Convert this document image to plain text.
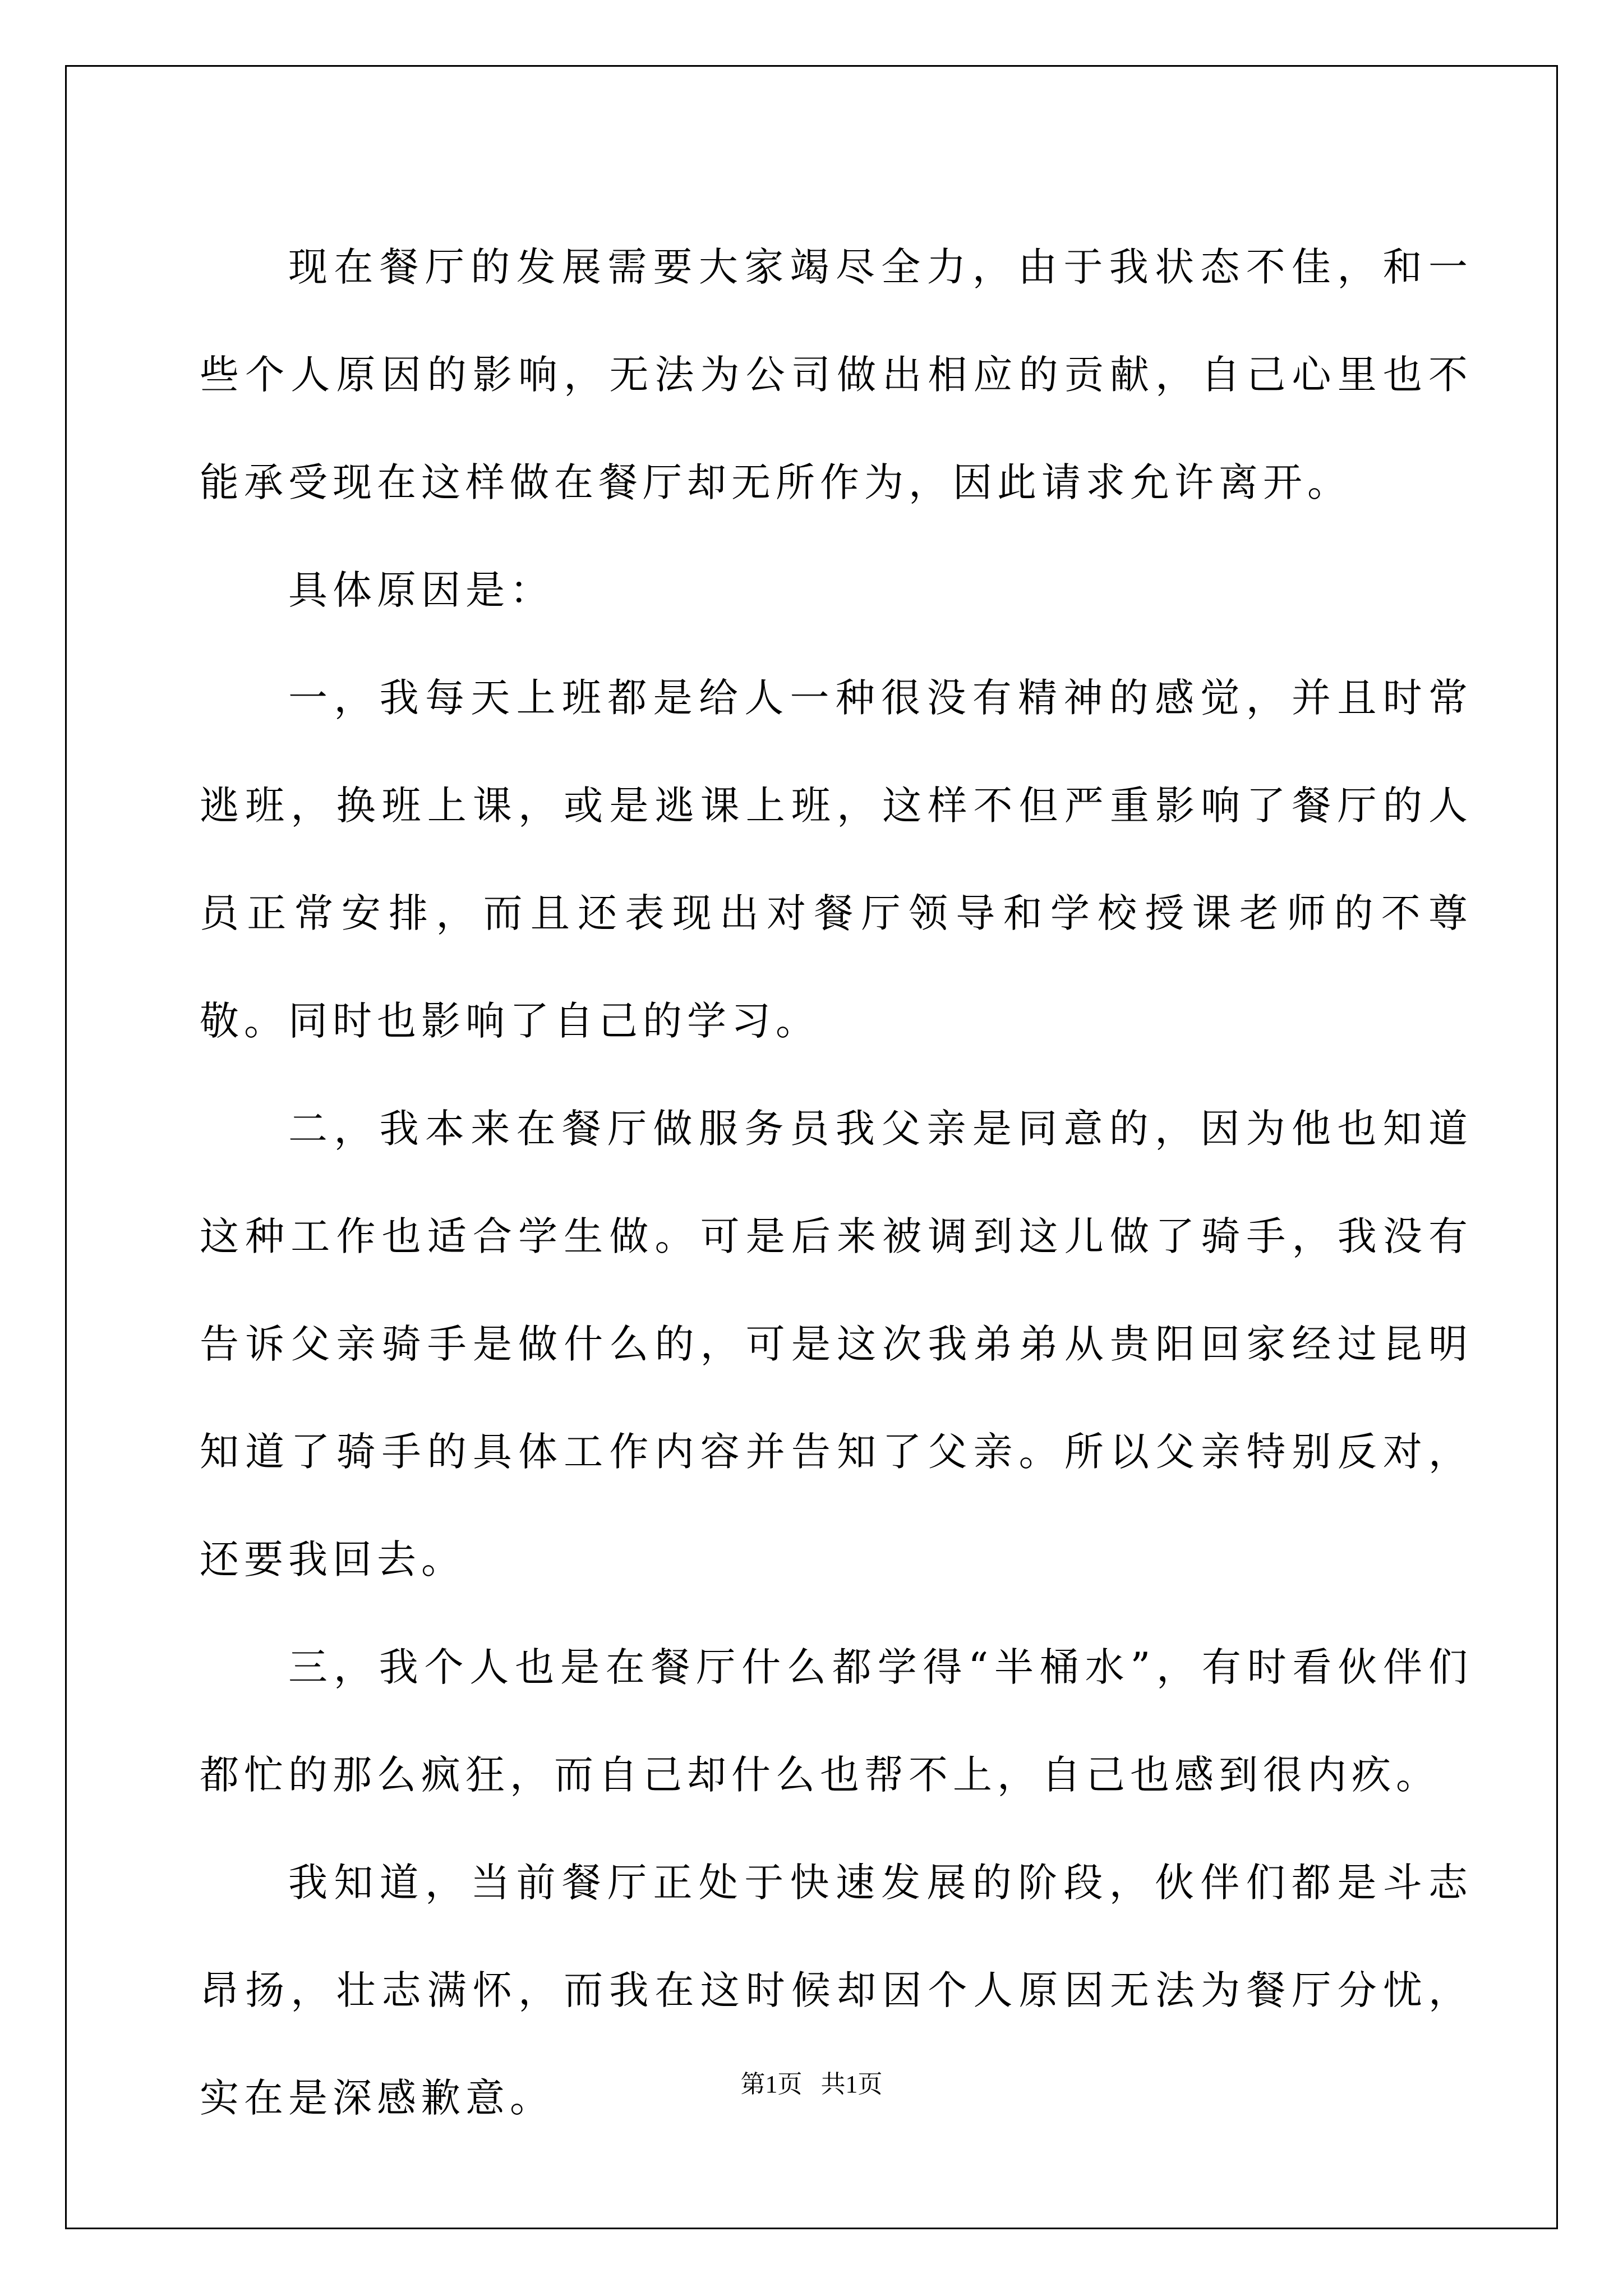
现在餐厅的发展需要大家竭尽全力，由于我状态不佳，和一些个人原因的影响，无法为公司做出相应的贡献，自己心里也不能承受现在这样做在餐厅却无所作为，因此请求允许离开。

具体原因是：

一，我每天上班都是给人一种很没有精神的感觉，并且时常逃班，换班上课，或是逃课上班，这样不但严重影响了餐厅的人员正常安排，而且还表现出对餐厅领导和学校授课老师的不尊敬。同时也影响了自己的学习。

二，我本来在餐厅做服务员我父亲是同意的，因为他也知道这种工作也适合学生做。可是后来被调到这儿做了骑手，我没有告诉父亲骑手是做什么的，可是这次我弟弟从贵阳回家经过昆明知道了骑手的具体工作内容并告知了父亲。所以父亲特别反对，还要我回去。

三，我个人也是在餐厅什么都学得“半桶水”，有时看伙伴们都忙的那么疯狂，而自己却什么也帮不上，自己也感到很内疚。

我知道，当前餐厅正处于快速发展的阶段，伙伴们都是斗志昂扬，壮志满怀，而我在这时候却因个人原因无法为餐厅分忧，实在是深感歉意。	第1页   共1页
